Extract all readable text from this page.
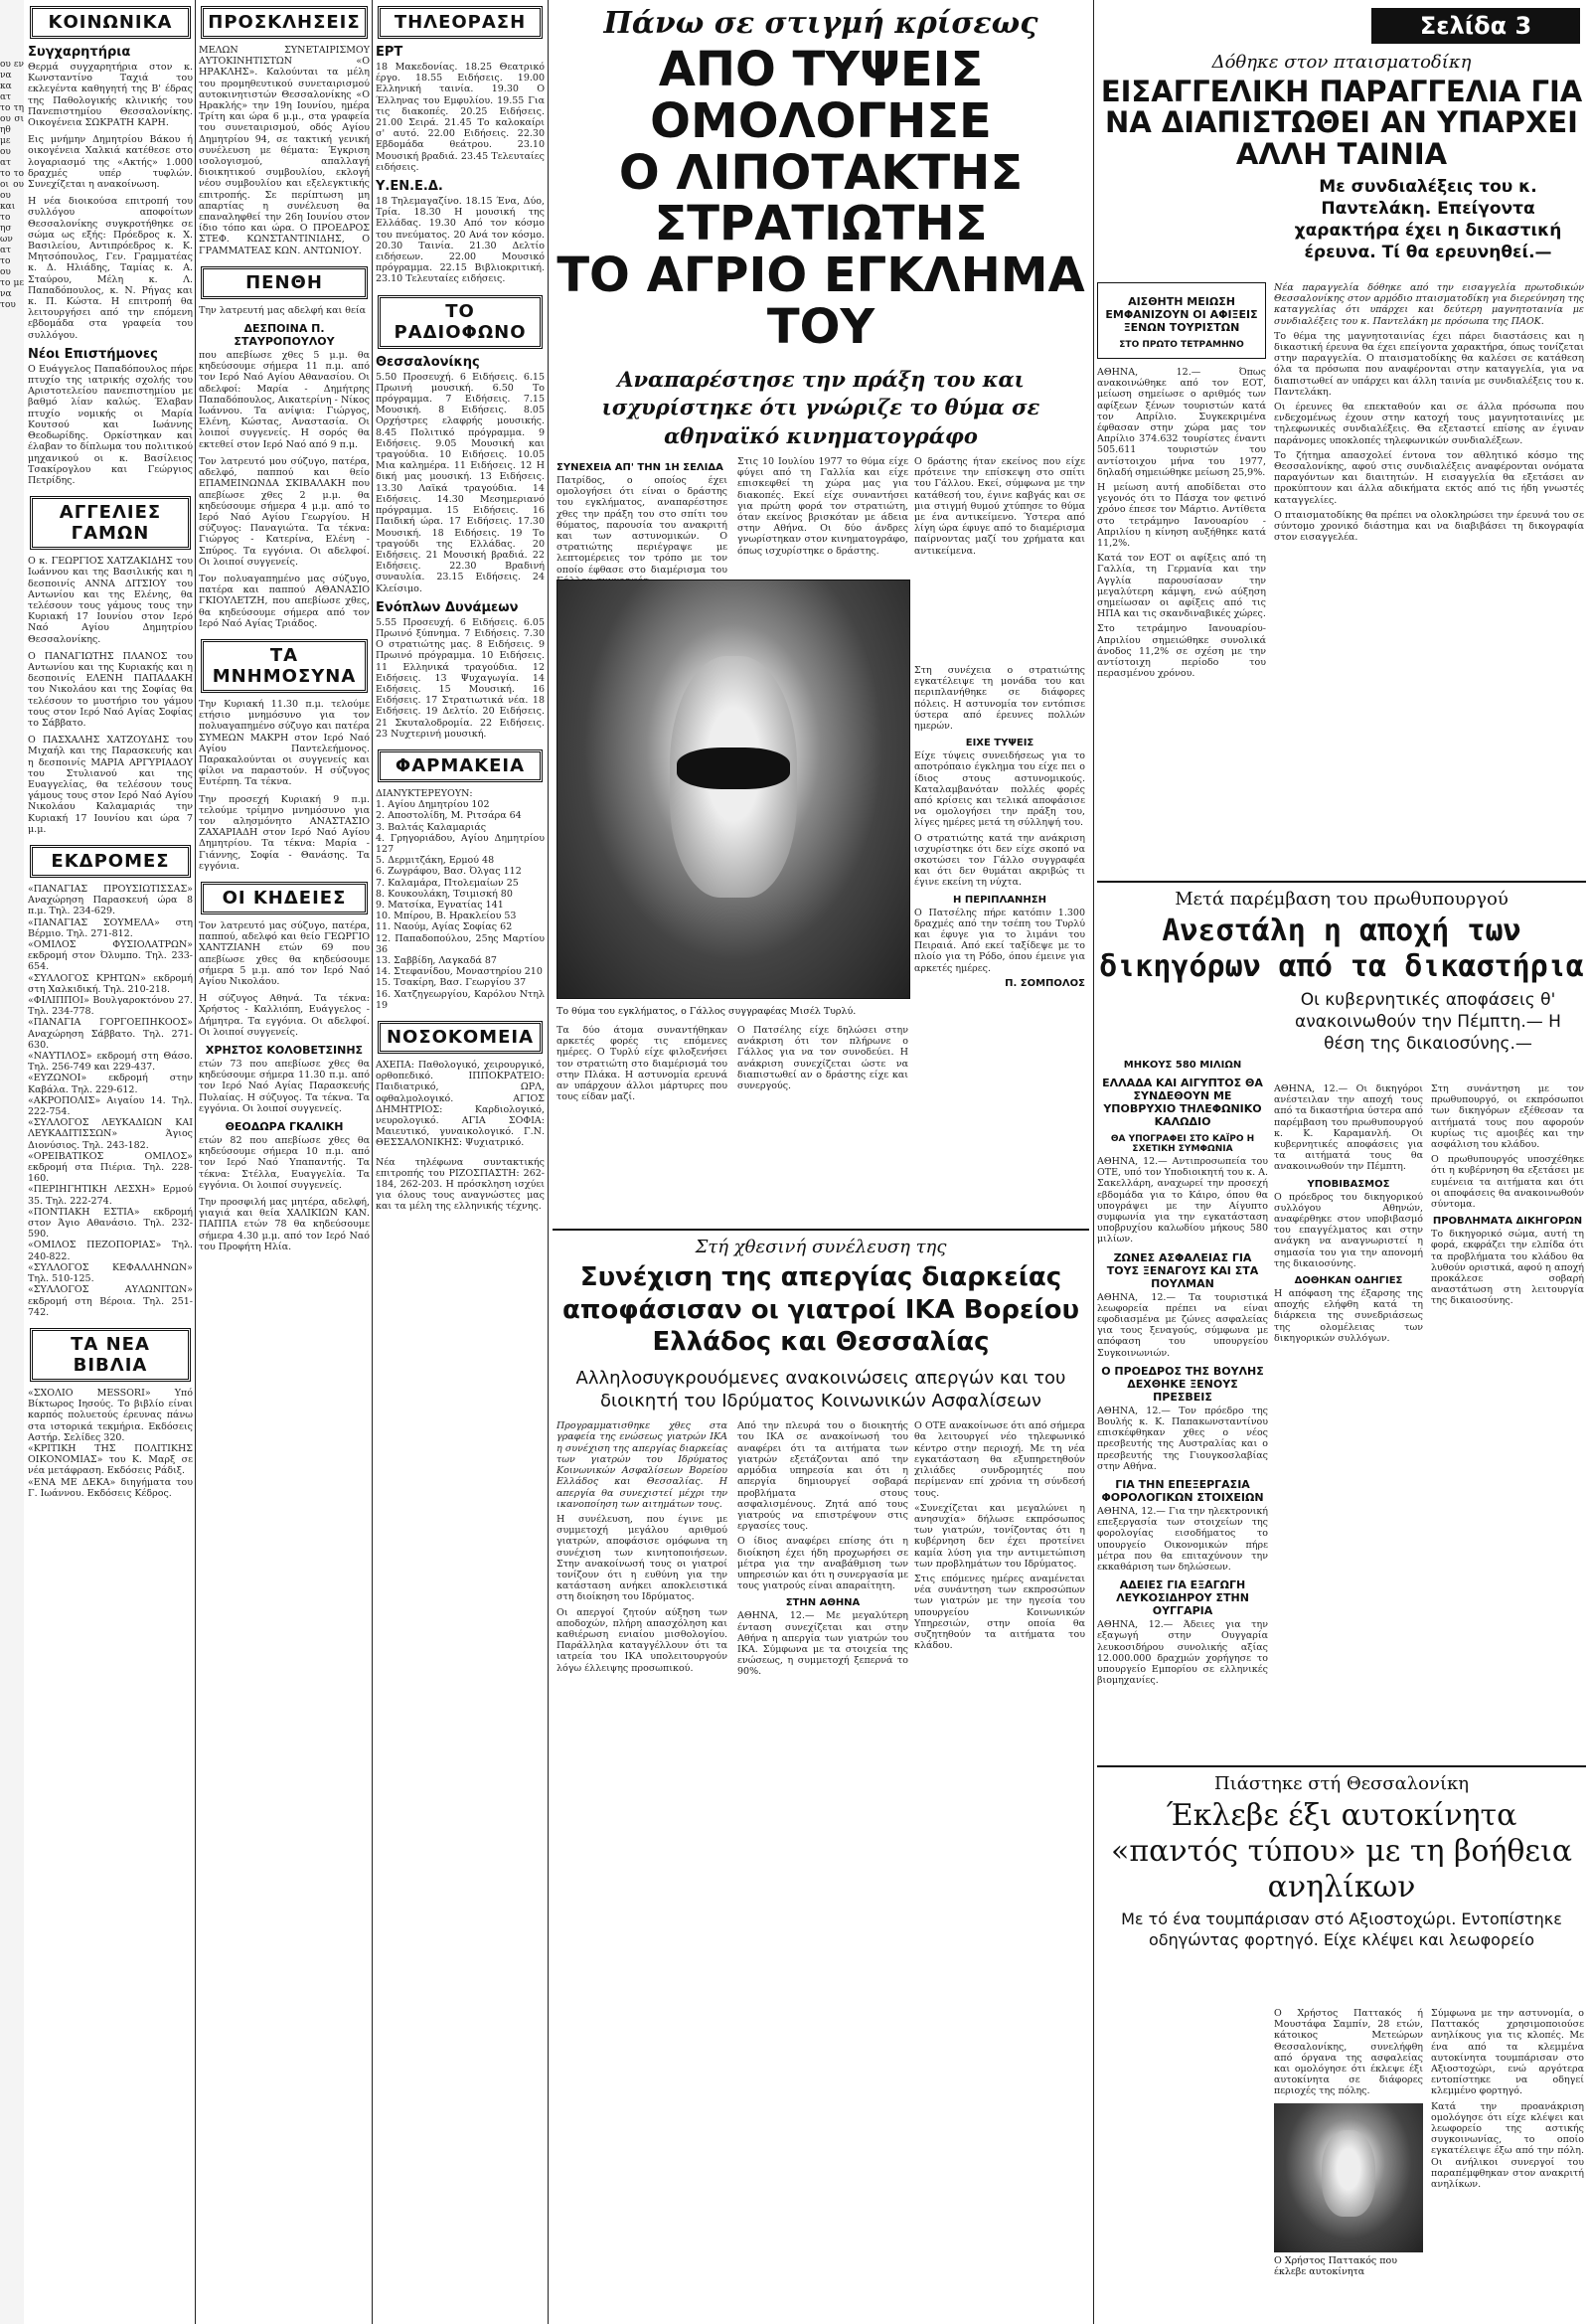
Σελίδα 3
ου εν να κα ατ το τη ου σι ηθ με ου ατ το το οι ου ου και το ησ ων ατ το ου το με να του
ΚΟΙΝΩΝΙΚΑ
Συγχαρητήρια
Θερμά συγχαρητήρια στον κ. Κωνσταντίνο Ταχιά του εκλεγέντα καθηγητή της Β' έδρας της Παθολογικής κλινικής του Πανεπιστημίου Θεσσαλονίκης. Οικογένεια ΣΩΚΡΑΤΗ ΚΑΡΗ.
Εις μνήμην Δημητρίου Βάκου ή οικογένεια Χαλκιά κατέθεσε στο λογαριασμό της «Ακτής» 1.000 δραχμές υπέρ τυφλών. Συνεχίζεται η ανακοίνωση.
Η νέα διοικούσα επιτροπή του συλλόγου αποφοίτων Θεσσαλονίκης συγκροτήθηκε σε σώμα ως εξής: Πρόεδρος κ. Χ. Βασιλείου, Αντιπρόεδρος κ. Κ. Μητσόπουλος, Γεν. Γραμματέας κ. Δ. Ηλιάδης, Ταμίας κ. Α. Σταύρου, Μέλη κ. Λ. Παπαδόπουλος, κ. Ν. Ρήγας και κ. Π. Κώστα. Η επιτροπή θα λειτουργήσει από την επόμενη εβδομάδα στα γραφεία του συλλόγου.
Νέοι Επιστήμονες
Ο Ευάγγελος Παπαδόπουλος πήρε πτυχίο της ιατρικής σχολής του Αριστοτελείου πανεπιστημίου με βαθμό λίαν καλώς. Έλαβαν πτυχίο νομικής οι Μαρία Κουτσού και Ιωάννης Θεοδωρίδης. Ορκίστηκαν και έλαβαν το δίπλωμα του πολιτικού μηχανικού οι κ. Βασίλειος Τσακίρογλου και Γεώργιος Πετρίδης.
ΑΓΓΕΛΙΕΣ ΓΑΜΩΝ
Ο κ. ΓΕΩΡΓΙΟΣ ΧΑΤΖΑΚΙΔΗΣ του Ιωάννου και της Βασιλικής και η δεσποινίς ΑΝΝΑ ΔΙΤΣΙΟΥ του Αντωνίου και της Ελένης, θα τελέσουν τους γάμους τους την Κυριακή 17 Ιουνίου στον Ιερό Ναό Αγίου Δημητρίου Θεσσαλονίκης.
Ο ΠΑΝΑΓΙΩΤΗΣ ΠΛΑΝΟΣ του Αντωνίου και της Κυριακής και η δεσποινίς ΕΛΕΝΗ ΠΑΠΑΔΑΚΗ του Νικολάου και της Σοφίας θα τελέσουν το μυστήριο του γάμου τους στον Ιερό Ναό Αγίας Σοφίας το Σάββατο.
Ο ΠΑΣΧΑΛΗΣ ΧΑΤΖΟΥΔΗΣ του Μιχαήλ και της Παρασκευής και η δεσποινίς ΜΑΡΙΑ ΑΡΓΥΡΙΑΔΟΥ του Στυλιανού και της Ευαγγελίας, θα τελέσουν τους γάμους τους στον Ιερό Ναό Αγίου Νικολάου Καλαμαριάς την Κυριακή 17 Ιουνίου και ώρα 7 μ.μ.
ΕΚΔΡΟΜΕΣ
«ΠΑΝΑΓΙΑΣ ΠΡΟΥΣΙΩΤΙΣΣΑΣ» Αναχώρηση Παρασκευή ώρα 8 π.μ. Τηλ. 234-629.
«ΠΑΝΑΓΙΑΣ ΣΟΥΜΕΛΑ» στη Βέρμιο. Τηλ. 271-812.
«ΟΜΙΛΟΣ ΦΥΣΙΟΛΑΤΡΩΝ» εκδρομή στον Όλυμπο. Τηλ. 233-654.
«ΣΥΛΛΟΓΟΣ ΚΡΗΤΩΝ» εκδρομή στη Χαλκιδική. Τηλ. 210-218.
«ΦΙΛΙΠΠΟΙ» Βουλγαροκτόνου 27. Τηλ. 234-778.
«ΠΑΝΑΓΙΑ ΓΟΡΓΟΕΠΗΚΟΟΣ» Αναχώρηση Σάββατο. Τηλ. 271-630.
«ΝΑΥΤΙΛΟΣ» εκδρομή στη Θάσο. Τηλ. 256-749 και 229-437.
«ΕΥΖΩΝΟΙ» εκδρομή στην Καβάλα. Τηλ. 229-612.
«ΑΚΡΟΠΟΛΙΣ» Αιγαίου 14. Τηλ. 222-754.
«ΣΥΛΛΟΓΟΣ ΛΕΥΚΑΔΙΩΝ ΚΑΙ ΛΕΥΚΑΔΙΤΙΣΣΩΝ» Άγιος Διονύσιος. Τηλ. 243-182.
«ΟΡΕΙΒΑΤΙΚΟΣ ΟΜΙΛΟΣ» εκδρομή στα Πιέρια. Τηλ. 228-160.
«ΠΕΡΙΗΓΗΤΙΚΗ ΛΕΣΧΗ» Ερμού 35. Τηλ. 222-274.
«ΠΟΝΤΙΑΚΗ ΕΣΤΙΑ» εκδρομή στον Άγιο Αθανάσιο. Τηλ. 232-590.
«ΟΜΙΛΟΣ ΠΕΖΟΠΟΡΙΑΣ» Τηλ. 240-822.
«ΣΥΛΛΟΓΟΣ ΚΕΦΑΛΛΗΝΩΝ» Τηλ. 510-125.
«ΣΥΛΛΟΓΟΣ ΑΥΛΩΝΙΤΩΝ» εκδρομή στη Βέροια. Τηλ. 251-742.
ΤΑ ΝΕΑ ΒΙΒΛΙΑ
«ΣΧΟΛΙΟ MESSORI» Υπό Βίκτωρος Ιησούς. Το βιβλίο είναι καρπός πολυετούς έρευνας πάνω στα ιστορικά τεκμήρια. Εκδόσεις Αστήρ. Σελίδες 320.
«ΚΡΙΤΙΚΗ ΤΗΣ ΠΟΛΙΤΙΚΗΣ ΟΙΚΟΝΟΜΙΑΣ» του Κ. Μαρξ σε νέα μετάφραση. Εκδόσεις Ράδιξ.
«ΕΝΑ ΜΕ ΔΕΚΑ» διηγήματα του Γ. Ιωάννου. Εκδόσεις Κέδρος.
ΠΡΟΣΚΛΗΣΕΙΣ
ΜΕΛΩΝ ΣΥΝΕΤΑΙΡΙΣΜΟΥ ΑΥΤΟΚΙΝΗΤΙΣΤΩΝ «Ο ΗΡΑΚΛΗΣ». Καλούνται τα μέλη του προμηθευτικού συνεταιρισμού αυτοκινητιστών Θεσσαλονίκης «Ο Ηρακλής» την 19η Ιουνίου, ημέρα Τρίτη και ώρα 6 μ.μ., στα γραφεία του συνεταιρισμού, οδός Αγίου Δημητρίου 94, σε τακτική γενική συνέλευση με θέματα: Έγκριση ισολογισμού, απαλλαγή διοικητικού συμβουλίου, εκλογή νέου συμβουλίου και εξελεγκτικής επιτροπής. Σε περίπτωση μη απαρτίας η συνέλευση θα επαναληφθεί την 26η Ιουνίου στον ίδιο τόπο και ώρα. Ο ΠΡΟΕΔΡΟΣ ΣΤΕΦ. ΚΩΝΣΤΑΝΤΙΝΙΔΗΣ, Ο ΓΡΑΜΜΑΤΕΑΣ ΚΩΝ. ΑΝΤΩΝΙΟΥ.
ΠΕΝΘΗ
Την λατρευτή μας αδελφή και θεία
ΔΕΣΠΟΙΝΑ Π. ΣΤΑΥΡΟΠΟΥΛΟΥ
που απεβίωσε χθες 5 μ.μ. θα κηδεύσουμε σήμερα 11 π.μ. από τον Ιερό Ναό Αγίου Αθανασίου. Οι αδελφοί: Μαρία - Δημήτρης Παπαδόπουλος, Αικατερίνη - Νίκος Ιωάννου. Τα ανίψια: Γιώργος, Ελένη, Κώστας, Αναστασία. Οι λοιποί συγγενείς. Η σορός θα εκτεθεί στον Ιερό Ναό από 9 π.μ.
Τον λατρευτό μου σύζυγο, πατέρα, αδελφό, παππού και θείο ΕΠΑΜΕΙΝΩΝΔΑ ΣΚΙΒΑΛΑΚΗ που απεβίωσε χθες 2 μ.μ. θα κηδεύσουμε σήμερα 4 μ.μ. από το Ιερό Ναό Αγίου Γεωργίου. Η σύζυγος: Παναγιώτα. Τα τέκνα: Γιώργος - Κατερίνα, Ελένη - Σπύρος. Τα εγγόνια. Οι αδελφοί. Οι λοιποί συγγενείς.
Τον πολυαγαπημένο μας σύζυγο, πατέρα και παππού ΑΘΑΝΑΣΙΟ ΓΚΙΟΥΛΕΤΖΗ, που απεβίωσε χθες, θα κηδεύσουμε σήμερα από τον Ιερό Ναό Αγίας Τριάδος.
ΤΑ ΜΝΗΜΟΣΥΝΑ
Την Κυριακή 11.30 π.μ. τελούμε ετήσιο μνημόσυνο για τον πολυαγαπημένο σύζυγο και πατέρα ΣΥΜΕΩΝ ΜΑΚΡΗ στον Ιερό Ναό Αγίου Παντελεήμονος. Παρακαλούνται οι συγγενείς και φίλοι να παραστούν. Η σύζυγος Ευτέρπη. Τα τέκνα.
Την προσεχή Κυριακή 9 π.μ. τελούμε τρίμηνο μνημόσυνο για τον αλησμόνητο ΑΝΑΣΤΑΣΙΟ ΖΑΧΑΡΙΑΔΗ στον Ιερό Ναό Αγίου Δημητρίου. Τα τέκνα: Μαρία - Γιάννης, Σοφία - Θανάσης. Τα εγγόνια.
ΟΙ ΚΗΔΕΙΕΣ
Τον λατρευτό μας σύζυγο, πατέρα, παππού, αδελφό και θείο ΓΕΩΡΓΙΟ ΧΑΝΤΖΙΑΝΗ ετών 69 που απεβίωσε χθες θα κηδεύσουμε σήμερα 5 μ.μ. από τον Ιερό Ναό Αγίου Νικολάου.
Η σύζυγος Αθηνά. Τα τέκνα: Χρήστος - Καλλιόπη, Ευάγγελος - Δήμητρα. Τα εγγόνια. Οι αδελφοί. Οι λοιποί συγγενείς.
ΧΡΗΣΤΟΣ ΚΟΛΟΒΕΤΣΙΝΗΣ
ετών 73 που απεβίωσε χθες θα κηδεύσουμε σήμερα 11.30 π.μ. από τον Ιερό Ναό Αγίας Παρασκευής Πυλαίας. Η σύζυγος. Τα τέκνα. Τα εγγόνια. Οι λοιποί συγγενείς.
ΘΕΟΔΩΡΑ ΓΚΑΛΙΚΗ
ετών 82 που απεβίωσε χθες θα κηδεύσουμε σήμερα 10 π.μ. από τον Ιερό Ναό Υπαπαντής. Τα τέκνα: Στέλλα, Ευαγγελία. Τα εγγόνια. Οι λοιποί συγγενείς.
Την προσφιλή μας μητέρα, αδελφή, γιαγιά και θεία ΧΑΛΙΚΙΩΝ ΚΑΝ. ΠΑΠΠΑ ετών 78 θα κηδεύσουμε σήμερα 4.30 μ.μ. από τον Ιερό Ναό του Προφήτη Ηλία.
ΤΗΛΕΟΡΑΣΗ
ΕΡΤ
18 Μακεδονίας. 18.25 Θεατρικό έργο. 18.55 Ειδήσεις. 19.00 Ελληνική ταινία. 19.30 Ο Έλληνας του Εμφυλίου. 19.55 Για τις διακοπές. 20.25 Ειδήσεις. 21.00 Σειρά. 21.45 Το καλοκαίρι σ' αυτό. 22.00 Ειδήσεις. 22.30 Εβδομάδα θεάτρου. 23.10 Μουσική βραδιά. 23.45 Τελευταίες ειδήσεις.
Υ.ΕΝ.Ε.Δ.
18 Τηλεμαγαζίνο. 18.15 Ένα, Δύο, Τρία. 18.30 Η μουσική της Ελλάδας. 19.30 Από τον κόσμο του πνεύματος. 20 Ανά τον κόσμο. 20.30 Ταινία. 21.30 Δελτίο ειδήσεων. 22.00 Μουσικό πρόγραμμα. 22.15 Βιβλιοκριτική. 23.10 Τελευταίες ειδήσεις.
ΤΟ ΡΑΔΙΟΦΩΝΟ
Θεσσαλονίκης
5.50 Προσευχή. 6 Ειδήσεις. 6.15 Πρωινή μουσική. 6.50 Το πρόγραμμα. 7 Ειδήσεις. 7.15 Μουσική. 8 Ειδήσεις. 8.05 Ορχήστρες ελαφρής μουσικής. 8.45 Πολιτικό πρόγραμμα. 9 Ειδήσεις. 9.05 Μουσική και τραγούδια. 10 Ειδήσεις. 10.05 Μια καλημέρα. 11 Ειδήσεις. 12 Η δική μας μουσική. 13 Ειδήσεις. 13.30 Λαϊκά τραγούδια. 14 Ειδήσεις. 14.30 Μεσημεριανό πρόγραμμα. 15 Ειδήσεις. 16 Παιδική ώρα. 17 Ειδήσεις. 17.30 Μουσική. 18 Ειδήσεις. 19 Το τραγούδι της Ελλάδας. 20 Ειδήσεις. 21 Μουσική βραδιά. 22 Ειδήσεις. 22.30 Βραδινή συναυλία. 23.15 Ειδήσεις. 24 Κλείσιμο.
Ενόπλων Δυνάμεων
5.55 Προσευχή. 6 Ειδήσεις. 6.05 Πρωινό ξύπνημα. 7 Ειδήσεις. 7.30 Ο στρατιώτης μας. 8 Ειδήσεις. 9 Πρωινό πρόγραμμα. 10 Ειδήσεις. 11 Ελληνικά τραγούδια. 12 Ειδήσεις. 13 Ψυχαγωγία. 14 Ειδήσεις. 15 Μουσική. 16 Ειδήσεις. 17 Στρατιωτικά νέα. 18 Ειδήσεις. 19 Δελτίο. 20 Ειδήσεις. 21 Σκυταλοδρομία. 22 Ειδήσεις. 23 Νυχτερινή μουσική.
ΦΑΡΜΑΚΕΙΑ
ΔΙΑΝΥΚΤΕΡΕΥΟΥΝ:
1. Αγίου Δημητρίου 102
2. Αποστολίδη, Μ. Ριτσάρα 64
3. Βαλτάς Καλαμαριάς
4. Γρηγοριάδου, Αγίου Δημητρίου 127
5. Δερμιτζάκη, Ερμού 48
6. Ζωγράφου, Βασ. Όλγας 112
7. Καλαμάρα, Πτολεμαίων 25
8. Κουκουλάκη, Τσιμισκή 80
9. Ματσίκα, Εγνατίας 141
10. Μπίρου, Β. Ηρακλείου 53
11. Ναούμ, Αγίας Σοφίας 62
12. Παπαδοπούλου, 25ης Μαρτίου 36
13. Σαββίδη, Λαγκαδά 87
14. Στεφανίδου, Μοναστηρίου 210
15. Τσακίρη, Βασ. Γεωργίου 37
16. Χατζηγεωργίου, Καρόλου Ντηλ 19
ΝΟΣΟΚΟΜΕΙΑ
ΑΧΕΠΑ: Παθολογικό, χειρουργικό, ορθοπεδικό. ΙΠΠΟΚΡΑΤΕΙΟ: Παιδιατρικό, ΩΡΛ, οφθαλμολογικό. ΑΓΙΟΣ ΔΗΜΗΤΡΙΟΣ: Καρδιολογικό, νευρολογικό. ΑΓΙΑ ΣΟΦΙΑ: Μαιευτικό, γυναικολογικό. Γ.Ν. ΘΕΣΣΑΛΟΝΙΚΗΣ: Ψυχιατρικό.
Νέα τηλέφωνα συντακτικής επιτροπής του ΡΙΖΟΣΠΑΣΤΗ: 262-184, 262-203. Η πρόσκληση ισχύει για όλους τους αναγνώστες μας και τα μέλη της ελληνικής τέχνης.
Πάνω σε στιγμή κρίσεως
ΑΠΟ ΤΥΨΕΙΣ ΟΜΟΛΟΓΗΣΕ
Ο ΛΙΠΟΤΑΚΤΗΣ ΣΤΡΑΤΙΩΤΗΣ
ΤΟ ΑΓΡΙΟ ΕΓΚΛΗΜΑ ΤΟΥ
Αναπαρέστησε την πράξη του και ισχυρίστηκε ότι γνώριζε το θύμα σε αθηναϊκό κινηματογράφο
ΣΥΝΕΧΕΙΑ ΑΠ' ΤΗΝ 1Η ΣΕΛΙΔΑ
Πατρίδος, ο οποίος έχει ομολογήσει ότι είναι ο δράστης του εγκλήματος, αναπαρέστησε χθες την πράξη του στο σπίτι του θύματος, παρουσία του ανακριτή και των αστυνομικών. Ο στρατιώτης περιέγραψε με λεπτομέρειες τον τρόπο με τον οποίο έφθασε στο διαμέρισμα του
Στις 10 Ιουλίου 1977 το θύμα είχε φύγει από τη Γαλλία και είχε επισκεφθεί τη χώρα μας για διακοπές. Εκεί είχε συναντήσει για πρώτη φορά τον στρατιώτη, όταν εκείνος βρισκόταν με άδεια στην Αθήνα. Οι δύο άνδρες γνωρίστηκαν στον κινηματογράφο, όπως ισχυρίστηκε ο δράστης.
Ο δράστης ήταν εκείνος που είχε πρότεινε την επίσκεψη στο σπίτι του Γάλλου. Εκεί, σύμφωνα με την κατάθεσή του, έγινε καβγάς και σε μια στιγμή θυμού χτύπησε το θύμα με ένα αντικείμενο. Ύστερα από λίγη ώρα έφυγε από το διαμέρισμα παίρνοντας μαζί του χρήματα και αντικείμενα.
Το θύμα του εγκλήματος, ο Γάλλος συγγραφέας Μισέλ Τυρλύ.
Στη συνέχεια ο στρατιώτης εγκατέλειψε τη μονάδα του και περιπλανήθηκε σε διάφορες πόλεις. Η αστυνομία τον εντόπισε ύστερα από έρευνες πολλών ημερών.
ΕΙΧΕ ΤΥΨΕΙΣ
Είχε τύψεις συνειδήσεως για το αποτρόπαιο έγκλημα του είχε πει ο ίδιος στους αστυνομικούς. Καταλαμβανόταν πολλές φορές από κρίσεις και τελικά αποφάσισε να ομολογήσει την πράξη του, λίγες ημέρες μετά τη σύλληψή του.
Ο στρατιώτης κατά την ανάκριση ισχυρίστηκε ότι δεν είχε σκοπό να σκοτώσει τον Γάλλο συγγραφέα και ότι δεν θυμάται ακριβώς τι έγινε εκείνη τη νύχτα.
Η ΠΕΡΙΠΛΑΝΗΣΗ
Ο Πατσέλης πήρε κατόπιν 1.300 δραχμές από την τσέπη του Τυρλύ και έφυγε για το λιμάνι του Πειραιά. Από εκεί ταξίδεψε με το πλοίο για τη Ρόδο, όπου έμεινε για αρκετές ημέρες.
Π. ΣΟΜΠΟΛΟΣ
Τα δύο άτομα συναντήθηκαν αρκετές φορές τις επόμενες ημέρες. Ο Τυρλύ είχε φιλοξενήσει τον στρατιώτη στο διαμέρισμά του στην Πλάκα. Η αστυνομία ερευνά αν υπάρχουν άλλοι μάρτυρες που τους είδαν μαζί.
Ο Πατσέλης είχε δηλώσει στην ανάκριση ότι τον πλήρωνε ο Γάλλος για να τον συνοδεύει. Η ανάκριση συνεχίζεται ώστε να διαπιστωθεί αν ο δράστης είχε και συνεργούς.
Στή χθεσινή συνέλευση της
Συνέχιση της απεργίας διαρκείας αποφάσισαν οι γιατροί ΙΚΑ Βορείου Ελλάδος και Θεσσαλίας
Αλληλοσυγκρουόμενες ανακοινώσεις απεργών και του διοικητή του Ιδρύματος Κοινωνικών Ασφαλίσεων
Προγραμματισθηκε χθες στα γραφεία της ενώσεως γιατρών ΙΚΑ η συνέχιση της απεργίας διαρκείας των γιατρών του Ιδρύματος Κοινωνικών Ασφαλίσεων Βορείου Ελλάδος και Θεσσαλίας. Η απεργία θα συνεχιστεί μέχρι την ικανοποίηση των αιτημάτων τους.
Η συνέλευση, που έγινε με συμμετοχή μεγάλου αριθμού γιατρών, αποφάσισε ομόφωνα τη συνέχιση των κινητοποιήσεων. Στην ανακοίνωσή τους οι γιατροί τονίζουν ότι η ευθύνη για την κατάσταση ανήκει αποκλειστικά στη διοίκηση του Ιδρύματος.
Οι απεργοί ζητούν αύξηση των αποδοχών, πλήρη απασχόληση και καθιέρωση ενιαίου μισθολογίου. Παράλληλα καταγγέλλουν ότι τα ιατρεία του ΙΚΑ υπολειτουργούν λόγω έλλειψης προσωπικού.
Από την πλευρά του ο διοικητής του ΙΚΑ σε ανακοίνωσή του αναφέρει ότι τα αιτήματα των γιατρών εξετάζονται από την αρμόδια υπηρεσία και ότι η απεργία δημιουργεί σοβαρά προβλήματα στους ασφαλισμένους. Ζητά από τους γιατρούς να επιστρέψουν στις εργασίες τους.
Ο ίδιος αναφέρει επίσης ότι η διοίκηση έχει ήδη προχωρήσει σε μέτρα για την αναβάθμιση των υπηρεσιών και ότι η συνεργασία με τους γιατρούς είναι απαραίτητη.
ΣΤΗΝ ΑΘΗΝΑ
ΑΘΗΝΑ, 12.— Με μεγαλύτερη ένταση συνεχίζεται και στην Αθήνα η απεργία των γιατρών του ΙΚΑ. Σύμφωνα με τα στοιχεία της ενώσεως, η συμμετοχή ξεπερνά το 90%.
Ο ΟΤΕ ανακοίνωσε ότι από σήμερα θα λειτουργεί νέο τηλεφωνικό κέντρο στην περιοχή. Με τη νέα εγκατάσταση θα εξυπηρετηθούν χιλιάδες συνδρομητές που περίμεναν επί χρόνια τη σύνδεσή τους.
«Συνεχίζεται και μεγαλώνει η ανησυχία» δήλωσε εκπρόσωπος των γιατρών, τονίζοντας ότι η κυβέρνηση δεν έχει προτείνει καμία λύση για την αντιμετώπιση των προβλημάτων του Ιδρύματος.
Στις επόμενες ημέρες αναμένεται νέα συνάντηση των εκπροσώπων των γιατρών με την ηγεσία του υπουργείου Κοινωνικών Υπηρεσιών, στην οποία θα συζητηθούν τα αιτήματα του κλάδου.
ΜΗΚΟΥΣ 580 ΜΙΛΙΩΝ
ΕΛΛΑΔΑ ΚΑΙ ΑΙΓΥΠΤΟΣ ΘΑ ΣΥΝΔΕΘΟΥΝ ΜΕ ΥΠΟΒΡΥΧΙΟ ΤΗΛΕΦΩΝΙΚΟ ΚΑΛΩΔΙΟ
ΘΑ ΥΠΟΓΡΑΦΕΙ ΣΤΟ ΚΑΪΡΟ Η ΣΧΕΤΙΚΗ ΣΥΜΦΩΝΙΑ
ΑΘΗΝΑ, 12.— Αντιπροσωπεία του ΟΤΕ, υπό τον Υποδιοικητή του κ. Α. Σακελλάρη, αναχωρεί την προσεχή εβδομάδα για το Κάιρο, όπου θα υπογράψει με την Αίγυπτο συμφωνία για την εγκατάσταση υποβρυχίου καλωδίου μήκους 580 μιλίων.
ΖΩΝΕΣ ΑΣΦΑΛΕΙΑΣ ΓΙΑ ΤΟΥΣ ΞΕΝΑΓΟΥΣ ΚΑΙ ΣΤΑ ΠΟΥΛΜΑΝ
ΑΘΗΝΑ, 12.— Τα τουριστικά λεωφορεία πρέπει να είναι εφοδιασμένα με ζώνες ασφαλείας για τους ξεναγούς, σύμφωνα με απόφαση του υπουργείου Συγκοινωνιών.
Ο ΠΡΟΕΔΡΟΣ ΤΗΣ ΒΟΥΛΗΣ ΔΕΧΘΗΚΕ ΞΕΝΟΥΣ ΠΡΕΣΒΕΙΣ
ΑΘΗΝΑ, 12.— Τον πρόεδρο της Βουλής κ. Κ. Παπακωνσταντίνου επισκέφθηκαν χθες ο νέος πρεσβευτής της Αυστραλίας και ο πρεσβευτής της Γιουγκοσλαβίας στην Αθήνα.
ΓΙΑ ΤΗΝ ΕΠΕΞΕΡΓΑΣΙΑ ΦΟΡΟΛΟΓΙΚΩΝ ΣΤΟΙΧΕΙΩΝ
ΑΘΗΝΑ, 12.— Για την ηλεκτρονική επεξεργασία των στοιχείων της φορολογίας εισοδήματος το υπουργείο Οικονομικών πήρε μέτρα που θα επιταχύνουν την εκκαθάριση των δηλώσεων.
ΑΔΕΙΕΣ ΓΙΑ ΕΞΑΓΩΓΗ ΛΕΥΚΟΣΙΔΗΡΟΥ ΣΤΗΝ ΟΥΓΓΑΡΙΑ
ΑΘΗΝΑ, 12.— Άδειες για την εξαγωγή στην Ουγγαρία λευκοσιδήρου συνολικής αξίας 12.000.000 δραχμών χορήγησε το υπουργείο Εμπορίου σε ελληνικές βιομηχανίες.
Δόθηκε στον πταισματοδίκη
ΕΙΣΑΓΓΕΛΙΚΗ ΠΑΡΑΓΓΕΛΙΑ ΓΙΑ ΝΑ ΔΙΑΠΙΣΤΩΘΕΙ ΑΝ ΥΠΑΡΧΕΙ ΑΛΛΗ ΤΑΙΝΙΑ
Με συνδιαλέξεις του κ. Παντελάκη. Επείγοντα χαρακτήρα έχει η δικαστική έρευνα. Τί θα ερευνηθεί.—
ΑΙΣΘΗΤΗ ΜΕΙΩΣΗ ΕΜΦΑΝΙΖΟΥΝ ΟΙ ΑΦΙΞΕΙΣ ΞΕΝΩΝ ΤΟΥΡΙΣΤΩΝ
ΣΤΟ ΠΡΩΤΟ ΤΕΤΡΑΜΗΝΟ
ΑΘΗΝΑ, 12.— Όπως ανακοινώθηκε από τον ΕΟΤ, μείωση σημείωσε ο αριθμός των αφίξεων ξένων τουριστών κατά τον Απρίλιο. Συγκεκριμένα έφθασαν στην χώρα μας τον Απρίλιο 374.632 τουρίστες έναντι 505.611 τουριστών του αντίστοιχου μήνα του 1977, δηλαδή σημειώθηκε μείωση 25,9%.
Η μείωση αυτή αποδίδεται στο γεγονός ότι το Πάσχα τον φετινό χρόνο έπεσε τον Μάρτιο. Αντίθετα στο τετράμηνο Ιανουαρίου - Απριλίου η κίνηση αυξήθηκε κατά 11,2%.
Κατά τον ΕΟΤ οι αφίξεις από τη Γαλλία, τη Γερμανία και την Αγγλία παρουσίασαν την μεγαλύτερη κάμψη, ενώ αύξηση σημείωσαν οι αφίξεις από τις ΗΠΑ και τις σκανδιναβικές χώρες.
Στο τετράμηνο Ιανουαρίου-Απριλίου σημειώθηκε συνολικά άνοδος 11,2% σε σχέση με την αντίστοιχη περίοδο του περασμένου χρόνου.
Νέα παραγγελία δόθηκε από την εισαγγελία πρωτοδικών Θεσσαλονίκης στον αρμόδιο πταισματοδίκη για διερεύνηση της καταγγελίας ότι υπάρχει και δεύτερη μαγνητοταινία με συνδιαλέξεις του κ. Παντελάκη με πρόσωπα της ΠΑΟΚ.
Το θέμα της μαγνητοταινίας έχει πάρει διαστάσεις και η δικαστική έρευνα θα έχει επείγοντα χαρακτήρα, όπως τονίζεται στην παραγγελία. Ο πταισματοδίκης θα καλέσει σε κατάθεση όλα τα πρόσωπα που αναφέρονται στην καταγγελία, για να διαπιστωθεί αν υπάρχει και άλλη ταινία με συνδιαλέξεις του κ. Παντελάκη.
Οι έρευνες θα επεκταθούν και σε άλλα πρόσωπα που ενδεχομένως έχουν στην κατοχή τους μαγνητοταινίες με τηλεφωνικές συνδιαλέξεις. Θα εξεταστεί επίσης αν έγιναν παράνομες υποκλοπές τηλεφωνικών συνδιαλέξεων.
Το ζήτημα απασχολεί έντονα τον αθλητικό κόσμο της Θεσσαλονίκης, αφού στις συνδιαλέξεις αναφέρονται ονόματα παραγόντων και διαιτητών. Η εισαγγελία θα εξετάσει αν προκύπτουν και άλλα αδικήματα εκτός από τις ήδη γνωστές καταγγελίες.
Ο πταισματοδίκης θα πρέπει να ολοκληρώσει την έρευνά του σε σύντομο χρονικό διάστημα και να διαβιβάσει τη δικογραφία στον εισαγγελέα.
Μετά παρέμβαση του πρωθυπουργού
Ανεστάλη η αποχή των δικηγόρων από τα δικαστήρια
Οι κυβερνητικές αποφάσεις θ' ανακοινωθούν την Πέμπτη.— Η θέση της δικαιοσύνης.—
ΑΘΗΝΑ, 12.— Οι δικηγόροι ανέστειλαν την αποχή τους από τα δικαστήρια ύστερα από παρέμβαση του πρωθυπουργού κ. Κ. Καραμανλή. Οι κυβερνητικές αποφάσεις για τα αιτήματά τους θα ανακοινωθούν την Πέμπτη.
ΥΠΟΒΙΒΑΣΜΟΣ
Ο πρόεδρος του δικηγορικού συλλόγου Αθηνών, αναφέρθηκε στον υποβιβασμό του επαγγέλματος και στην ανάγκη να αναγνωριστεί η σημασία του για την απονομή της δικαιοσύνης.
ΔΟΘΗΚΑΝ ΟΔΗΓΙΕΣ
Η απόφαση της έξαρσης της αποχής ελήφθη κατά τη διάρκεια της συνεδριάσεως της ολομέλειας των δικηγορικών συλλόγων.
Στη συνάντηση με τον πρωθυπουργό, οι εκπρόσωποι των δικηγόρων εξέθεσαν τα αιτήματά τους που αφορούν κυρίως τις αμοιβές και την ασφάλιση του κλάδου.
Ο πρωθυπουργός υποσχέθηκε ότι η κυβέρνηση θα εξετάσει με ευμένεια τα αιτήματα και ότι οι αποφάσεις θα ανακοινωθούν σύντομα.
ΠΡΟΒΛΗΜΑΤΑ ΔΙΚΗΓΟΡΩΝ
Το δικηγορικό σώμα, αυτή τη φορά, εκφράζει την ελπίδα ότι τα προβλήματα του κλάδου θα λυθούν οριστικά, αφού η αποχή προκάλεσε σοβαρή αναστάτωση στη λειτουργία της δικαιοσύνης.
Πιάστηκε στή Θεσσαλονίκη
Έκλεβε έξι αυτοκίνητα «παντός τύπου» με τη βοήθεια ανηλίκων
Με τό ένα τουμπάρισαν στό Αξιοστοχώρι. Εντοπίστηκε οδηγώντας φορτηγό. Είχε κλέψει και λεωφορείο
Ο Χρήστος Παττακός ή Μουστάφα Σαμπίν, 28 ετών, κάτοικος Μετεώρων Θεσσαλονίκης, συνελήφθη από όργανα της ασφαλείας και ομολόγησε ότι έκλεψε έξι αυτοκίνητα σε διάφορες περιοχές της πόλης.
Ο Χρήστος Παττακός που έκλεβε αυτοκίνητα
Σύμφωνα με την αστυνομία, ο Παττακός χρησιμοποιούσε ανηλίκους για τις κλοπές. Με ένα από τα κλεμμένα αυτοκίνητα τουμπάρισαν στο Αξιοστοχώρι, ενώ αργότερα εντοπίστηκε να οδηγεί κλεμμένο φορτηγό.
Κατά την προανάκριση ομολόγησε ότι είχε κλέψει και λεωφορείο της αστικής συγκοινωνίας, το οποίο εγκατέλειψε έξω από την πόλη. Οι ανήλικοι συνεργοί του παραπέμφθηκαν στον ανακριτή ανηλίκων.
